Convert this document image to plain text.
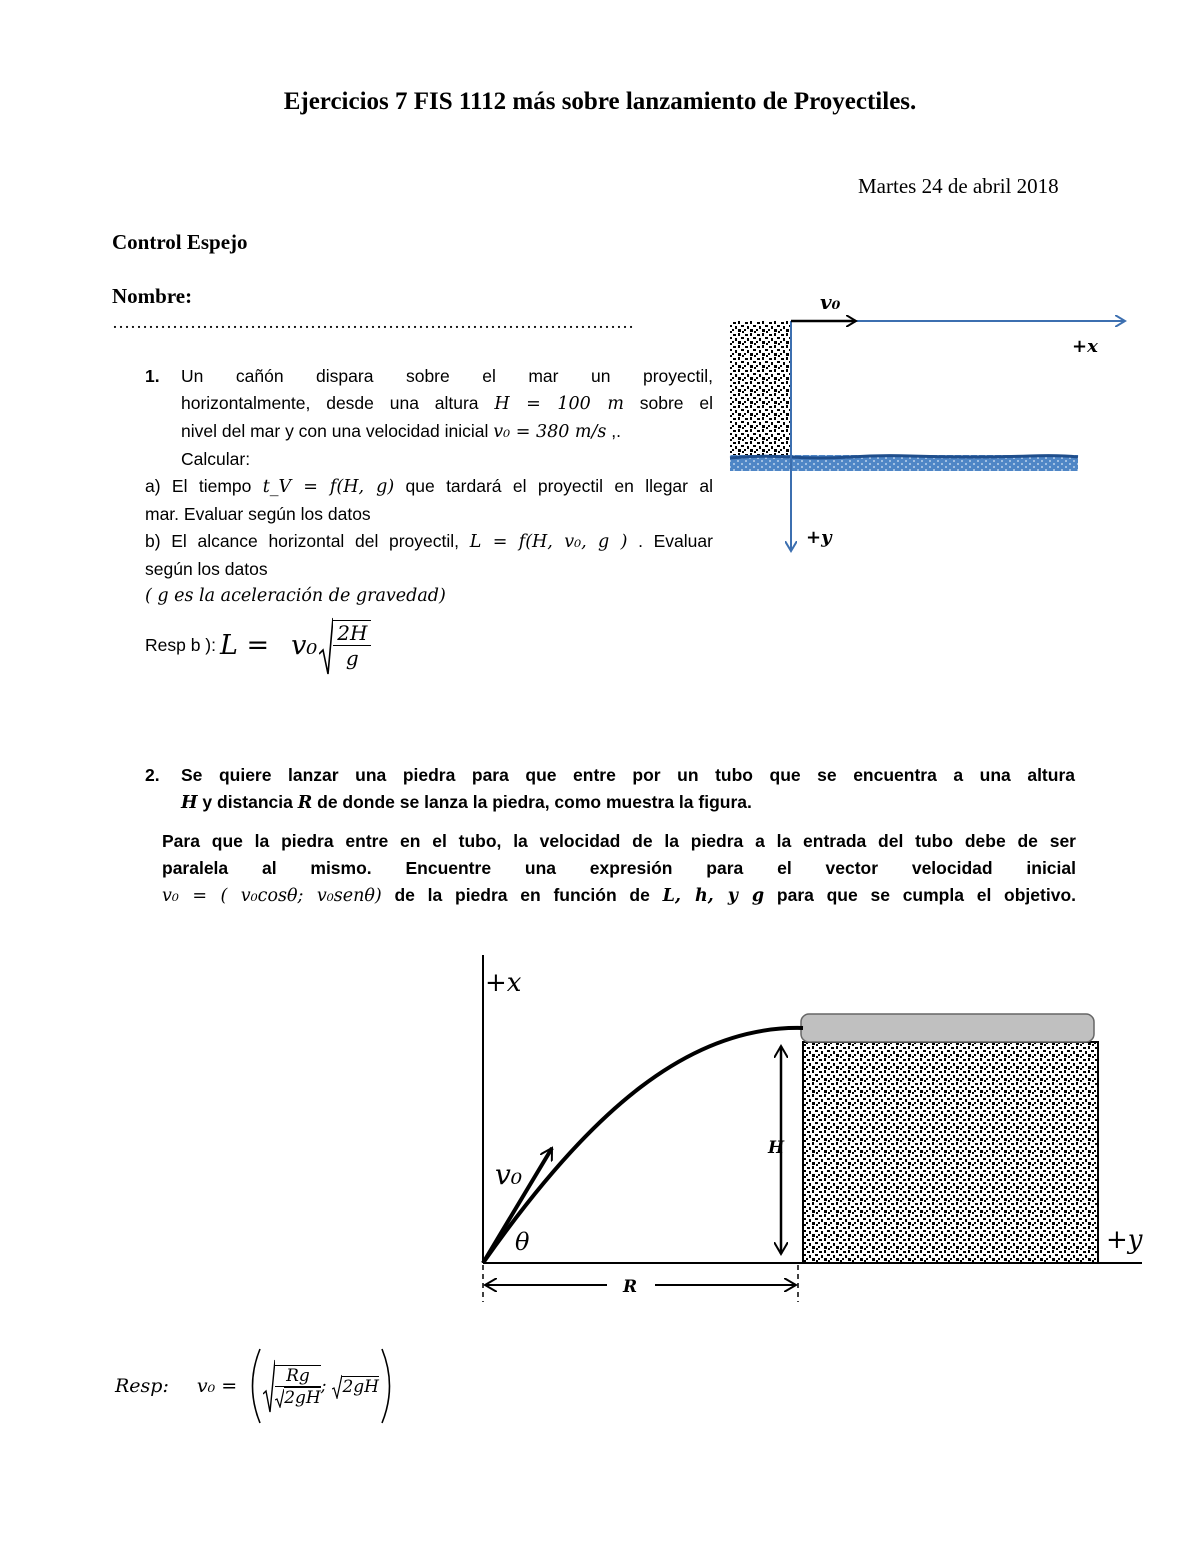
Ejercicios 7 FIS 1112 más sobre lanzamiento de Proyectiles.
Martes 24 de abril 2018
Control Espejo
Nombre:
……………………………………………………………………………
1. Un cañón dispara sobre el mar un proyectil,
horizontalmente, desde una altura H = 100 m sobre el
nivel del mar y con una velocidad inicial v₀ = 380 m/s ,.
Calcular:
a) El tiempo t_V = f(H, g) que tardará el proyectil en llegar al
mar. Evaluar según los datos
b) El alcance horizontal del proyectil, L = f(H, v₀, g ) . Evaluar
según los datos
( g es la aceleración de gravedad)
Resp b ): $L = v_0 \frac{2H}{g}$
v₀
+x
+y
2. Se quiere lanzar una piedra para que entre por un tubo que se encuentra a una altura
H y distancia R de donde se lanza la piedra, como muestra la figura.
Para que la piedra entre en el tubo, la velocidad de la piedra a la entrada del tubo debe de ser
paralela al mismo. Encuentre una expresión para el vector velocidad inicial
v₀ = ( v₀cosθ; v₀senθ) de la piedra en función de L, h, y g para que se cumpla el objetivo.
+x
+y
v₀
θ
H
R
Resp: $v_0 = \frac{Rg}{2gH}$ ; 2gH
